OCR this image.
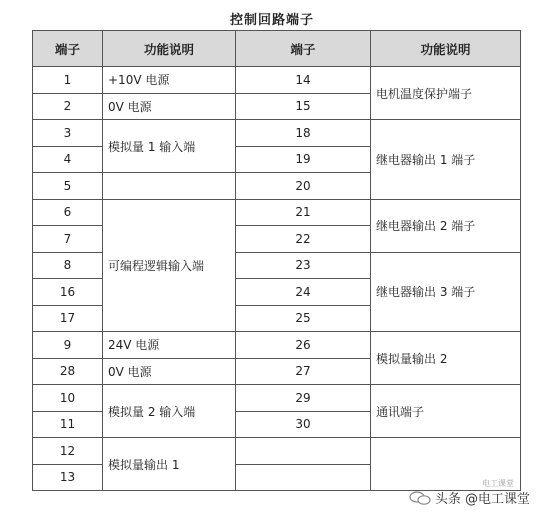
控制回路端子
端子	功能说明	端子	功能说明
1	+10V 电源	14	电机温度保护端子
2	0V 电源	15	
3	模拟量 1 输入端	18	继电器输出 1 端子
4		19	
5		20	
6	可编程逻辑输入端	21	继电器输出 2 端子
7		22	
8		23	继电器输出 3 端子
16		24	
17		25	
9	24V 电源	26	模拟量输出 2
28	0V 电源	27	
10	模拟量 2 输入端	29	通讯端子
11		30	
12	模拟量输出 1		
13				电工课堂
头条 @电工课堂
